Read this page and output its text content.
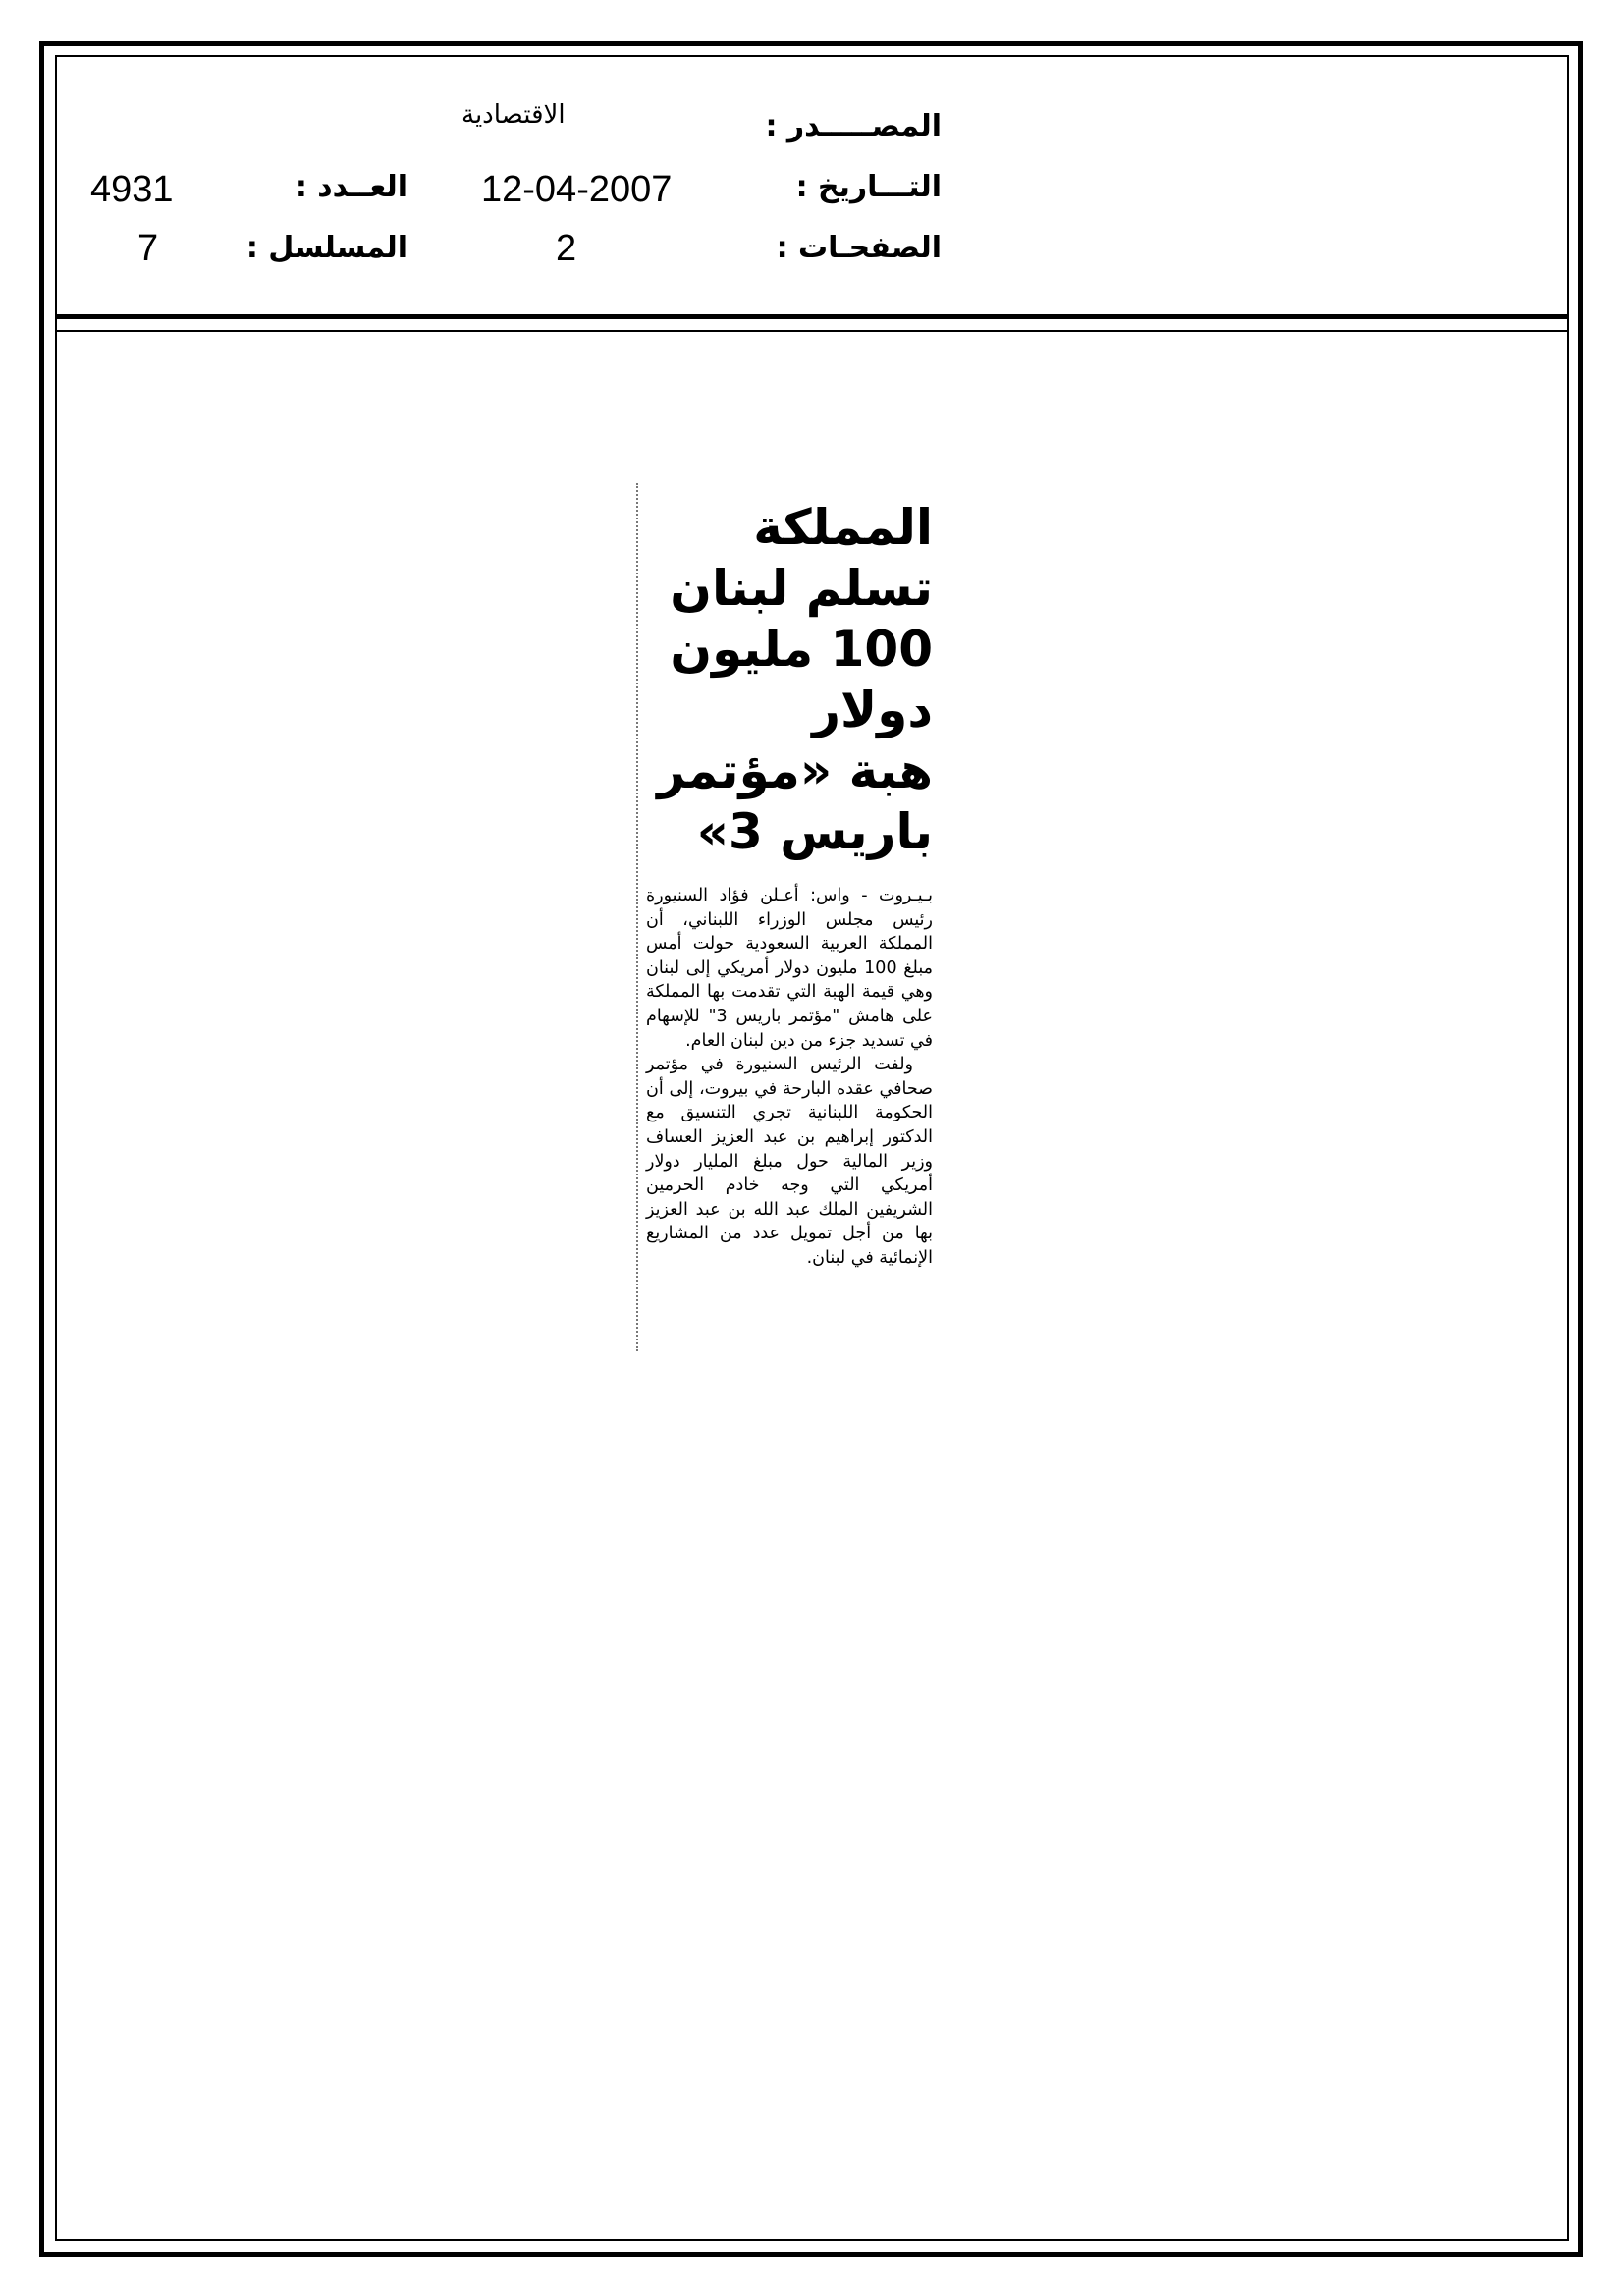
المصـــــدر :
الاقتصادية
التـــاريخ :
12-04-2007
الصفحـات :
2
العــدد :
4931
المسلسل :
7
المملكة تسلم لبنان
100 مليون دولار
هبة «مؤتمر باريس 3»

بـيـروت - واس: أعـلن فؤاد السنيورة رئيس مجلس الوزراء اللبناني، أن المملكة العربية السعودية حولت أمس مبلغ 100 مليون دولار أمريكي إلى لبنان وهي قيمة الهبة التي تقدمت بها المملكة على هامش "مؤتمر باريس 3" للإسهام في تسديد جزء من دين لبنان العام.

ولفت الرئيس السنيورة في مؤتمر صحافي عقده البارحة في بيروت، إلى أن الحكومة اللبنانية تجري التنسيق مع الدكتور إبراهيم بن عبد العزيز العساف وزير المالية حول مبلغ المليار دولار أمريكي التي وجه خادم الحرمين الشريفين الملك عبد الله بن عبد العزيز بها من أجل تمويل عدد من المشاريع الإنمائية في لبنان.
